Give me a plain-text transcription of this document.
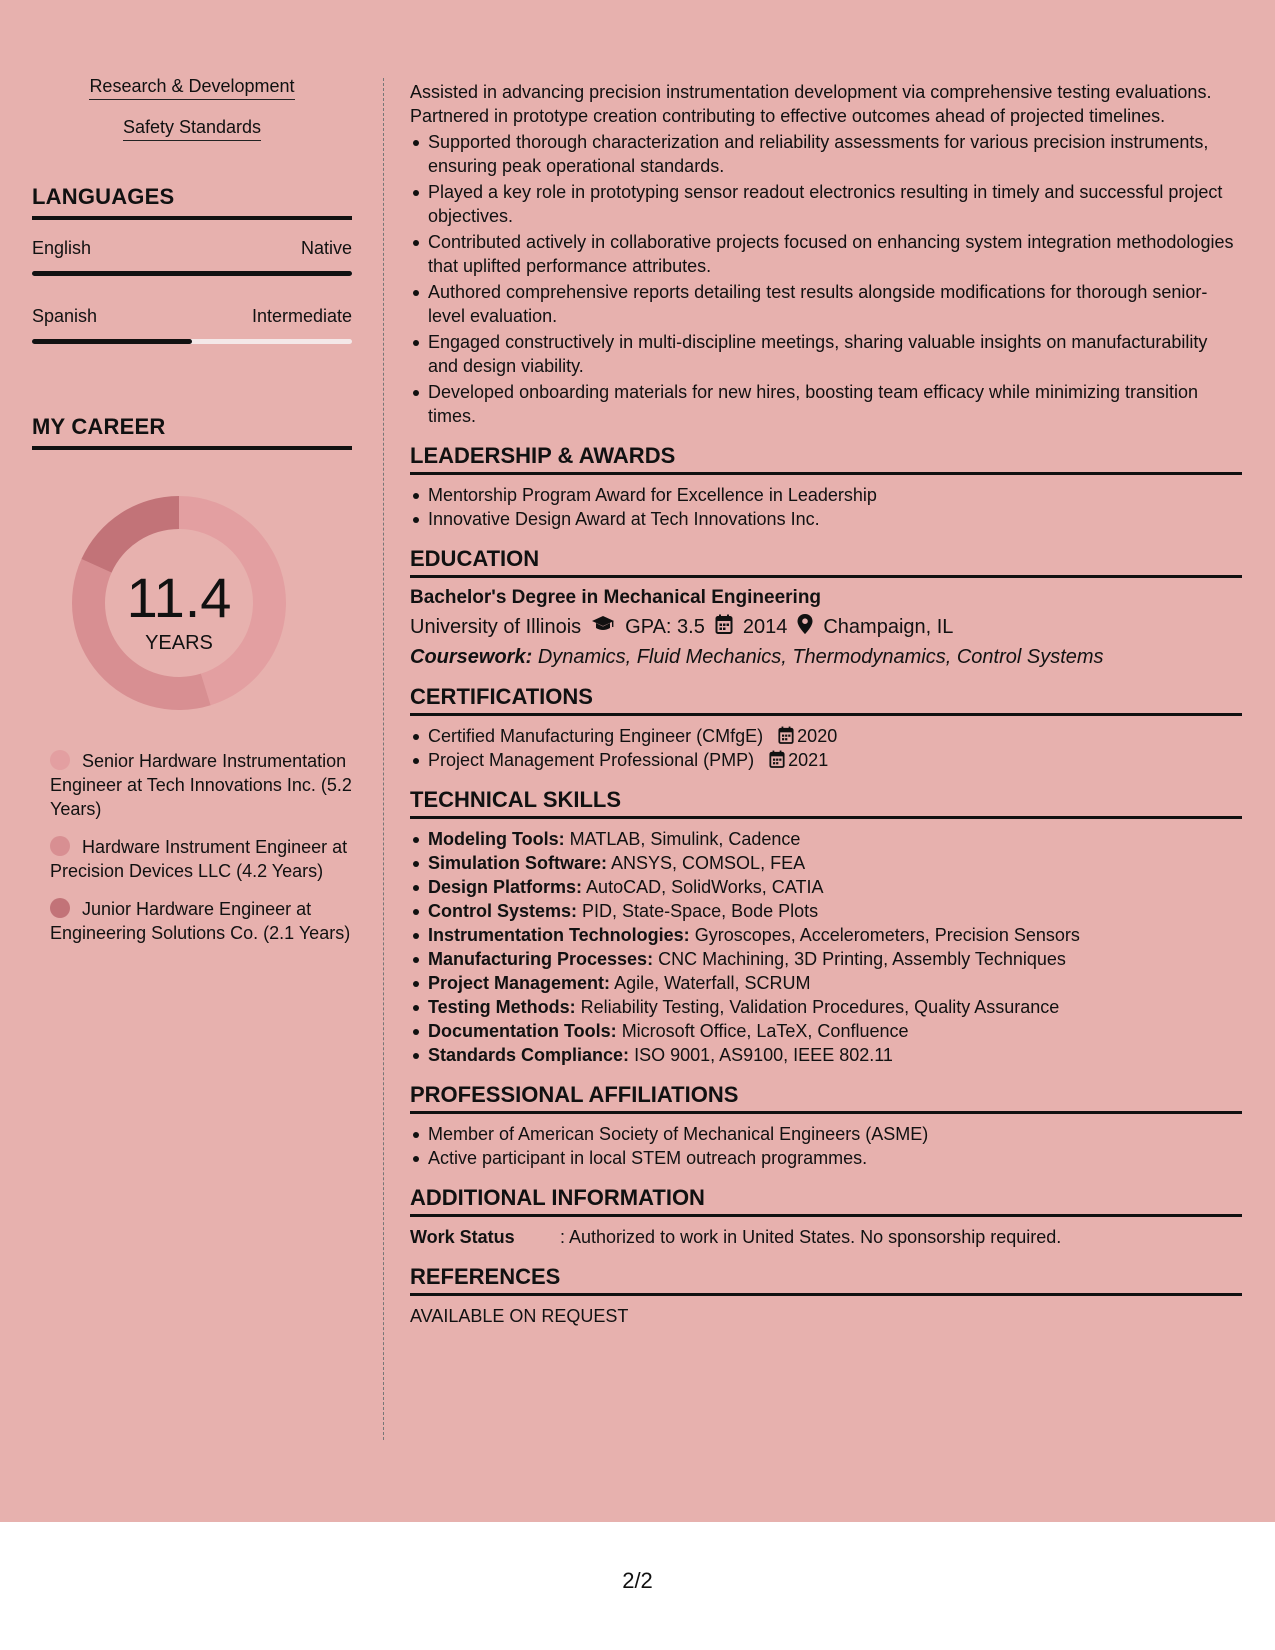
Research & Development
Safety Standards
LANGUAGES
English	Native
Spanish	Intermediate
MY CAREER
11.4
YEARS
Senior Hardware Instrumentation Engineer at Tech Innovations Inc. (5.2 Years)
Hardware Instrument Engineer at Precision Devices LLC (4.2 Years)
Junior Hardware Engineer at Engineering Solutions Co. (2.1 Years)

Assisted in advancing precision instrumentation development via comprehensive testing evaluations. Partnered in prototype creation contributing to effective outcomes ahead of projected timelines.

Supported thorough characterization and reliability assessments for various precision instruments, ensuring peak operational standards.
Played a key role in prototyping sensor readout electronics resulting in timely and successful project objectives.
Contributed actively in collaborative projects focused on enhancing system integration methodologies that uplifted performance attributes.
Authored comprehensive reports detailing test results alongside modifications for thorough senior-level evaluation.
Engaged constructively in multi-discipline meetings, sharing valuable insights on manufacturability and design viability.
Developed onboarding materials for new hires, boosting team efficacy while minimizing transition times.
LEADERSHIP & AWARDS
Mentorship Program Award for Excellence in Leadership
Innovative Design Award at Tech Innovations Inc.
EDUCATION
Bachelor's Degree in Mechanical Engineering
University of Illinois GPA: 3.5 2014 Champaign, IL
Coursework: Dynamics, Fluid Mechanics, Thermodynamics, Control Systems
CERTIFICATIONS
Certified Manufacturing Engineer (CMfgE) 2020
Project Management Professional (PMP) 2021
TECHNICAL SKILLS
Modeling Tools: MATLAB, Simulink, Cadence
Simulation Software: ANSYS, COMSOL, FEA
Design Platforms: AutoCAD, SolidWorks, CATIA
Control Systems: PID, State-Space, Bode Plots
Instrumentation Technologies: Gyroscopes, Accelerometers, Precision Sensors
Manufacturing Processes: CNC Machining, 3D Printing, Assembly Techniques
Project Management: Agile, Waterfall, SCRUM
Testing Methods: Reliability Testing, Validation Procedures, Quality Assurance
Documentation Tools: Microsoft Office, LaTeX, Confluence
Standards Compliance: ISO 9001, AS9100, IEEE 802.11
PROFESSIONAL AFFILIATIONS
Member of American Society of Mechanical Engineers (ASME)
Active participant in local STEM outreach programmes.
ADDITIONAL INFORMATION
Work Status	: Authorized to work in United States. No sponsorship required.
REFERENCES
AVAILABLE ON REQUEST
2/2
